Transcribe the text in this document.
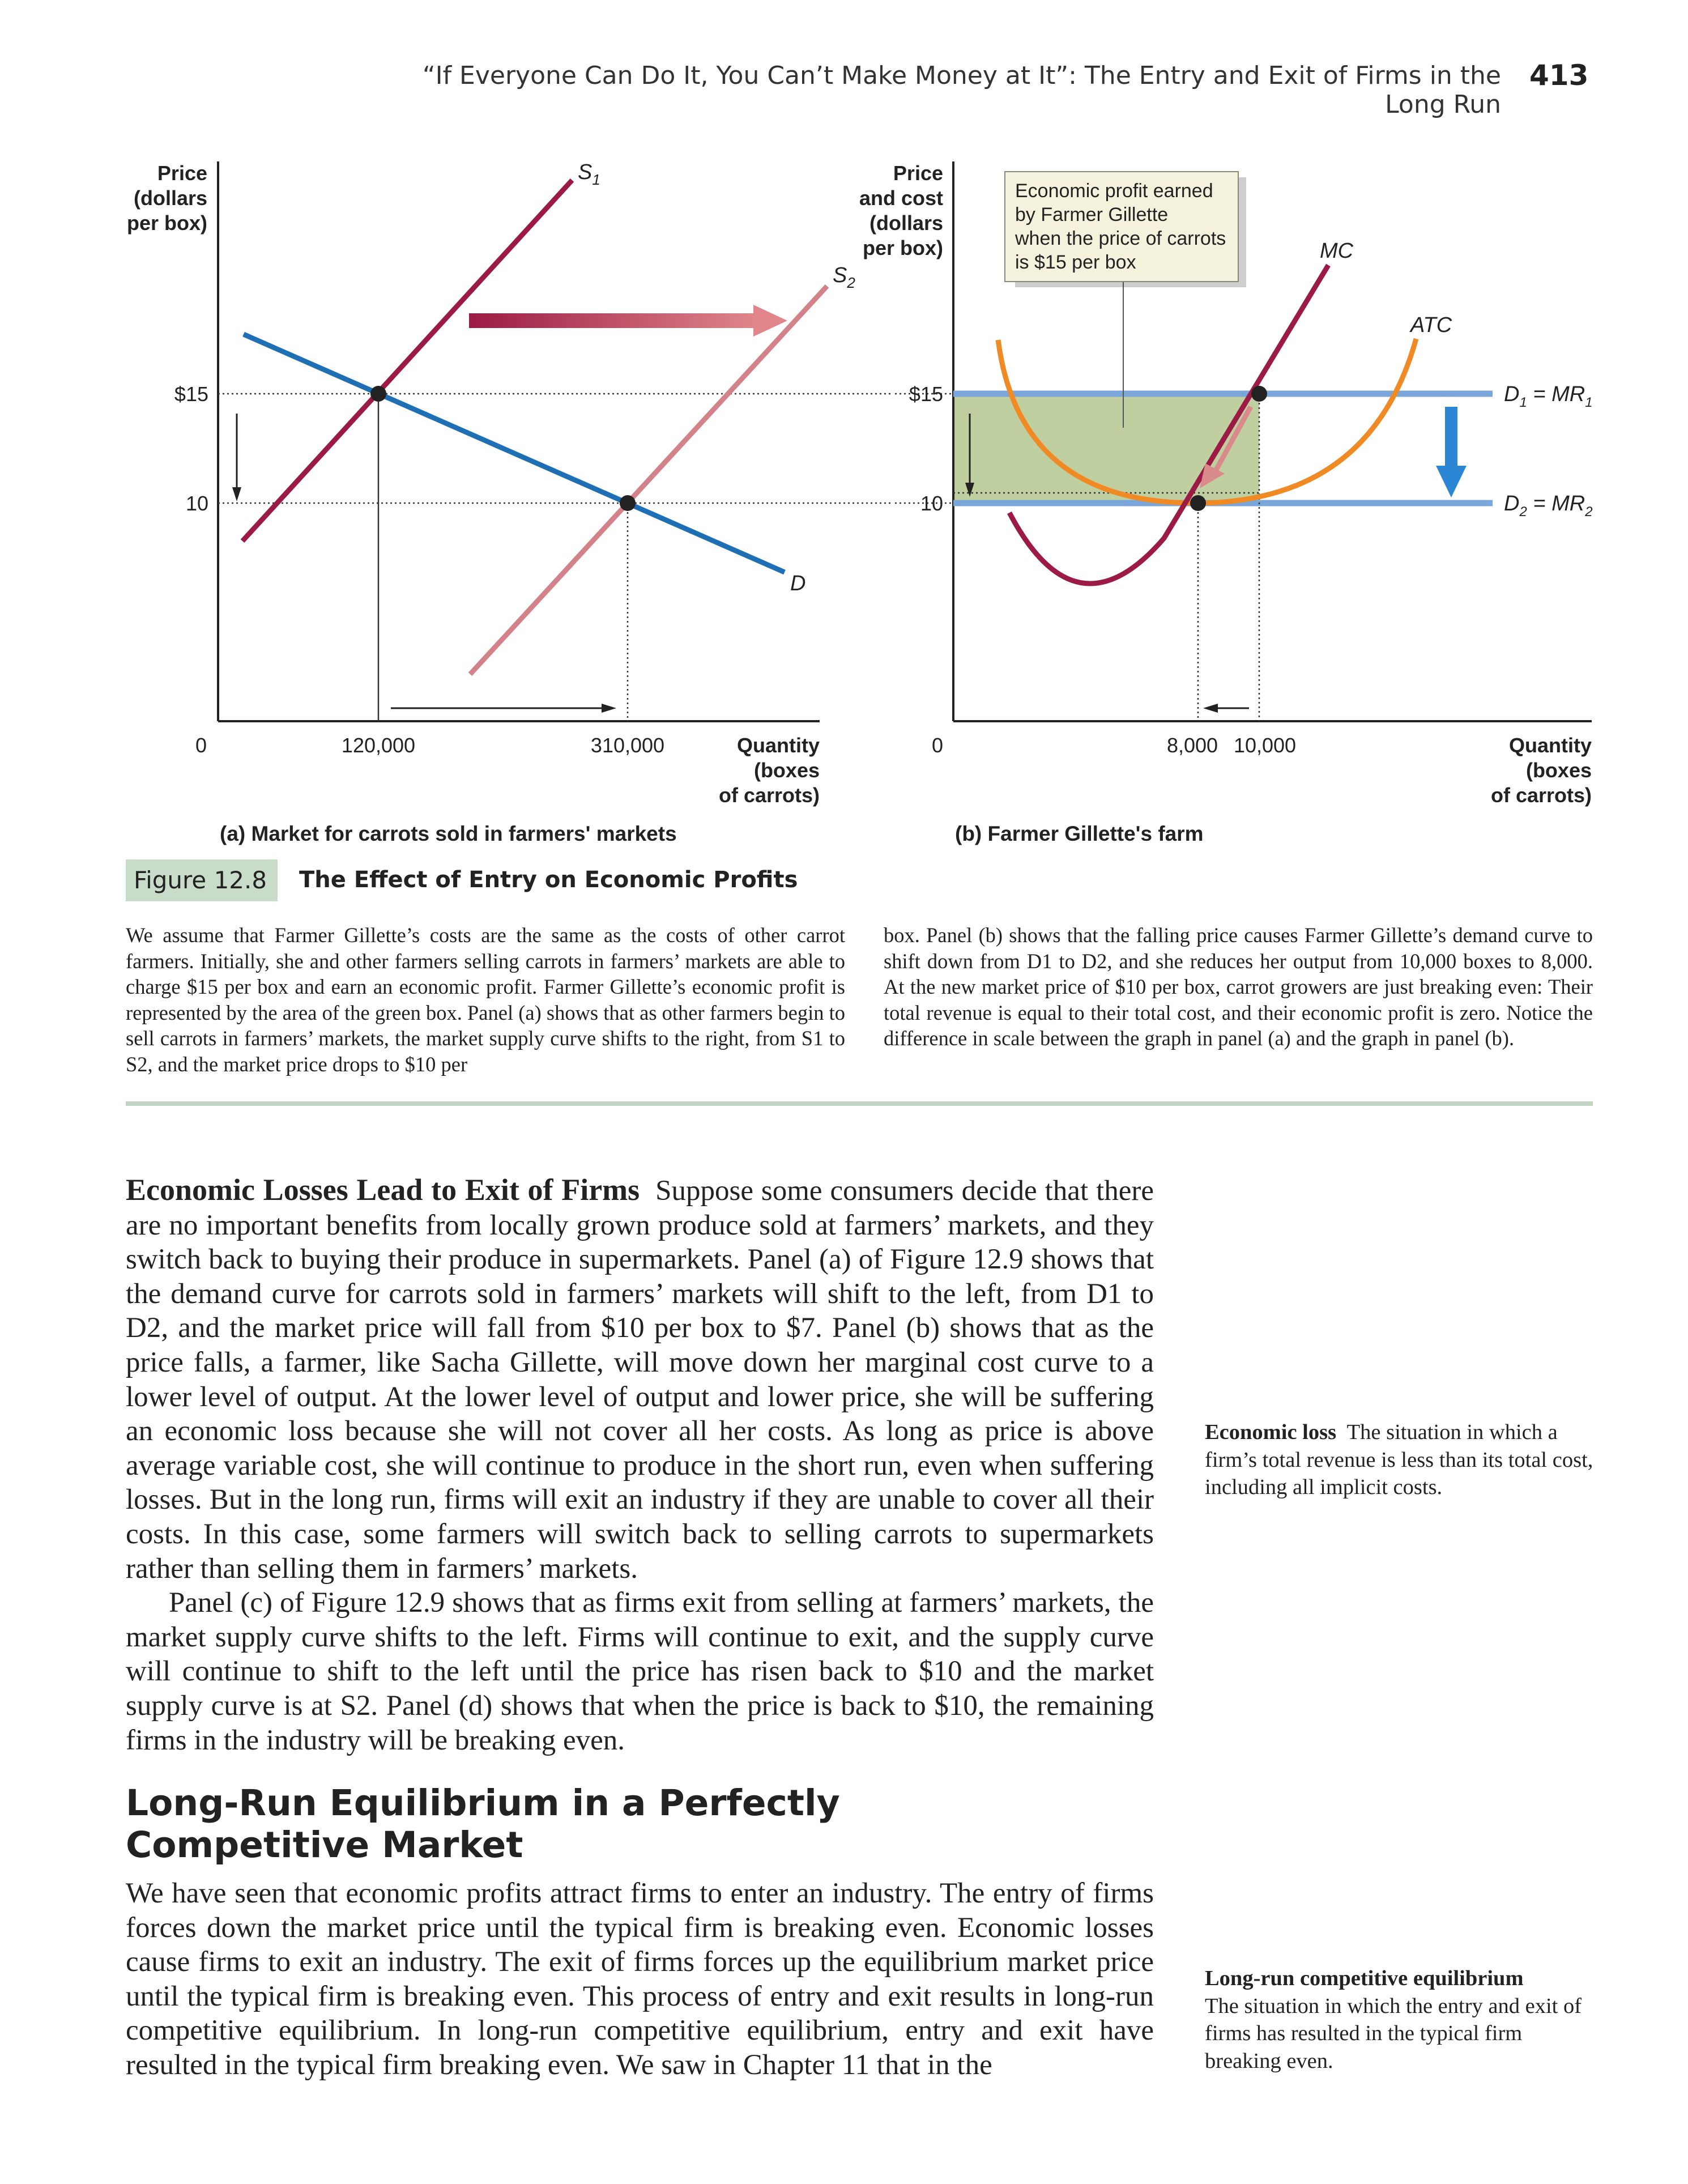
“If Everyone Can Do It, You Can’t Make Money at It”: The Entry and Exit of Firms in the Long Run
413
Price
(dollars
per box)
$15
10
0	120,000	310,000	Quantity
(boxes
of carrots)
$S_1$
$S_2$
D
(a) Market for carrots sold in farmers' markets
Price
and cost
(dollars
per box)
Economic profit earned
by Farmer Gillette
when the price of carrots
is $15 per box
$15
10
0	8,000 10,000	Quantity
(boxes
of carrots)
MC
ATC
$D_1 = MR_1$
$D_2 = MR_2$
(b) Farmer Gillette's farm
Figure 12.8	The Effect of Entry on Economic Profits

We assume that Farmer Gillette’s costs are the same as the costs of other carrot farmers. Initially, she and other farmers selling carrots in farmers’ markets are able to charge $15 per box and earn an economic profit. Farmer Gillette’s economic profit is represented by the area of the green box. Panel (a) shows that as other farmers begin to sell carrots in farmers’ markets, the market supply curve shifts to the right, from S1 to S2, and the market price drops to $10 per

box. Panel (b) shows that the falling price causes Farmer Gillette’s demand curve to shift down from D1 to D2, and she reduces her output from 10,000 boxes to 8,000. At the new market price of $10 per box, carrot growers are just breaking even: Their total revenue is equal to their total cost, and their economic profit is zero. Notice the difference in scale between the graph in panel (a) and the graph in panel (b).

Economic Losses Lead to Exit of Firms Suppose some consumers decide that there are no important benefits from locally grown produce sold at farmers’ markets, and they switch back to buying their produce in supermarkets. Panel (a) of Figure 12.9 shows that the demand curve for carrots sold in farmers’ markets will shift to the left, from D1 to D2, and the market price will fall from $10 per box to $7. Panel (b) shows that as the price falls, a farmer, like Sacha Gillette, will move down her marginal cost curve to a lower level of output. At the lower level of output and lower price, she will be suffering an economic loss because she will not cover all her costs. As long as price is above average variable cost, she will continue to produce in the short run, even when suffering losses. But in the long run, firms will exit an industry if they are unable to cover all their costs. In this case, some farmers will switch back to selling carrots to supermarkets rather than selling them in farmers’ markets.

Panel (c) of Figure 12.9 shows that as firms exit from selling at farmers’ markets, the market supply curve shifts to the left. Firms will continue to exit, and the supply curve will continue to shift to the left until the price has risen back to $10 and the market supply curve is at S2. Panel (d) shows that when the price is back to $10, the remaining firms in the industry will be breaking even.

Long-Run Equilibrium in a Perfectly Competitive Market

We have seen that economic profits attract firms to enter an industry. The entry of firms forces down the market price until the typical firm is breaking even. Economic losses cause firms to exit an industry. The exit of firms forces up the equilibrium market price until the typical firm is breaking even. This process of entry and exit results in long-run competitive equilibrium. In long-run competitive equilibrium, entry and exit have resulted in the typical firm breaking even. We saw in Chapter 11 that in the

Economic loss The situation in which a firm’s total revenue is less than its total cost, including all implicit costs.
Long-run competitive equilibrium
The situation in which the entry and exit of firms has resulted in the typical firm breaking even.
